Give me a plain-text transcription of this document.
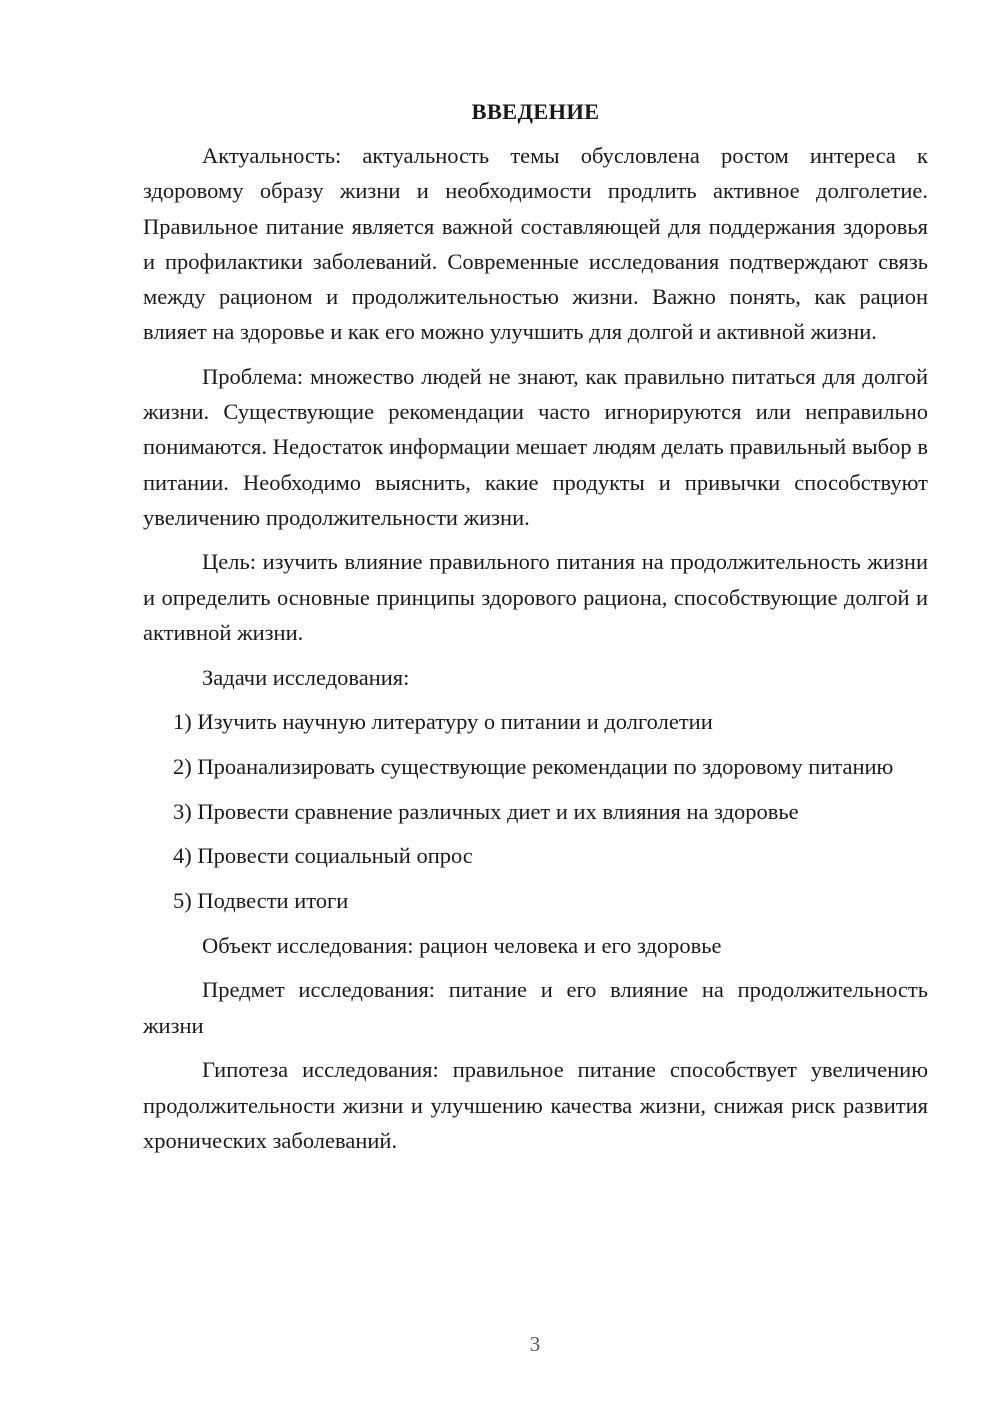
ВВЕДЕНИЕ

Актуальность: актуальность темы обусловлена ростом интереса к здоровому образу жизни и необходимости продлить активное долголетие. Правильное питание является важной составляющей для поддержания здоровья и профилактики заболеваний. Современные исследования подтверждают связь между рационом и продолжительностью жизни. Важно понять, как рацион влияет на здоровье и как его можно улучшить для долгой и активной жизни.

Проблема: множество людей не знают, как правильно питаться для долгой жизни. Существующие рекомендации часто игнорируются или неправильно понимаются. Недостаток информации мешает людям делать правильный выбор в питании. Необходимо выяснить, какие продукты и привычки способствуют увеличению продолжительности жизни.

Цель: изучить влияние правильного питания на продолжительность жизни и определить основные принципы здорового рациона, способствующие долгой и активной жизни.

Задачи исследования:

1) Изучить научную литературу о питании и долголетии

2) Проанализировать существующие рекомендации по здоровому питанию

3) Провести сравнение различных диет и их влияния на здоровье

4) Провести социальный опрос

5) Подвести итоги

Объект исследования: рацион человека и его здоровье

Предмет исследования: питание и его влияние на продолжительность жизни

Гипотеза исследования: правильное питание способствует увеличению продолжительности жизни и улучшению качества жизни, снижая риск развития хронических заболеваний.

3
